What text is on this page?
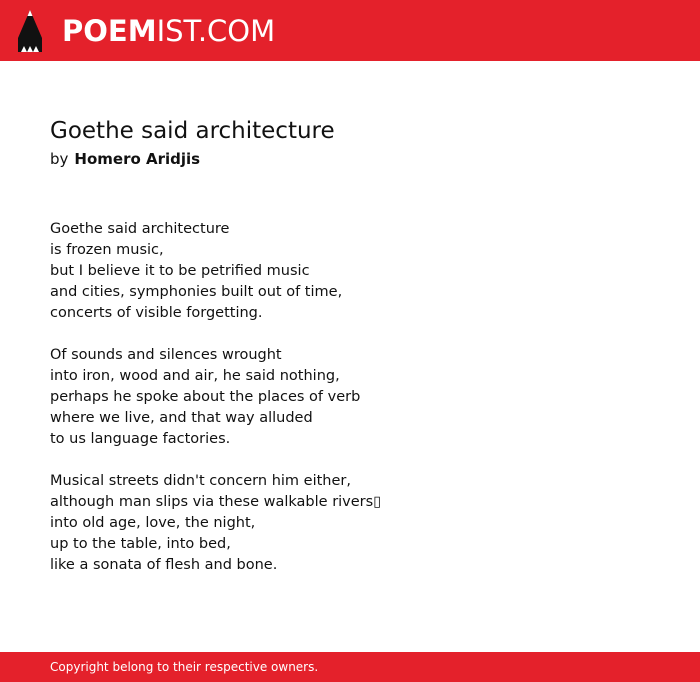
POEMIST.COM
Goethe said architecture
by Homero Aridjis
Goethe said architecture
is frozen music,
but I believe it to be petrified music
and cities, symphonies built out of time,
concerts of visible forgetting.
Of sounds and silences wrought
into iron, wood and air, he said nothing,
perhaps he spoke about the places of verb
where we live, and that way alluded
to us language factories.
Musical streets didn't concern him either,
although man slips via these walkable rivers▯
into old age, love, the night,
up to the table, into bed,
like a sonata of flesh and bone.
Copyright belong to their respective owners.
